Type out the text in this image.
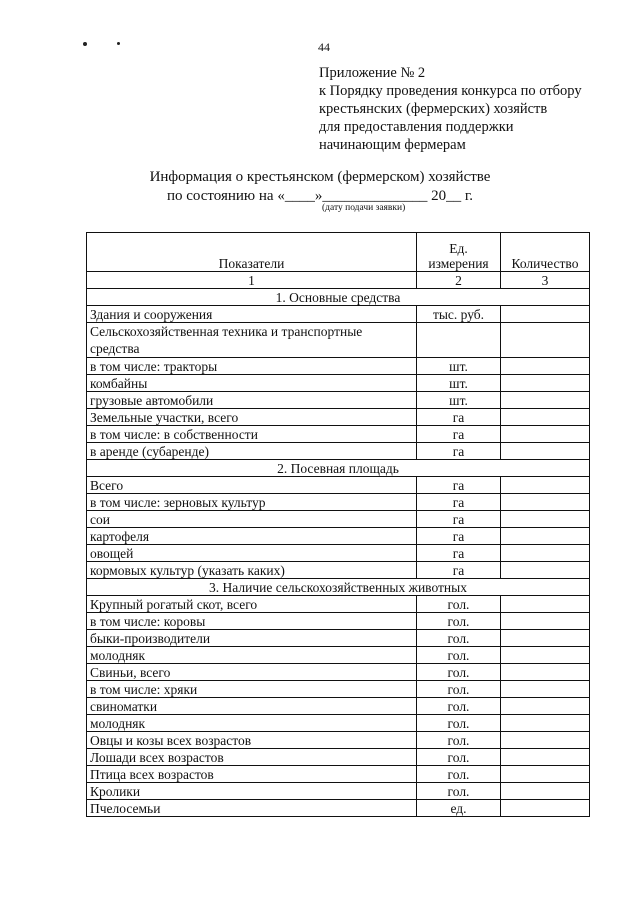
44
Приложение № 2
к Порядку проведения конкурса по отбору
крестьянских (фермерских) хозяйств
для предоставления поддержки
начинающим фермерам
Информация о крестьянском (фермерском) хозяйстве
по состоянию на «____»______________ 20__ г.
(дату подачи заявки)
Показатели	Ед. измерения	Количество
1	2	3
1. Основные средства		
Здания и сооружения	тыс. руб.	

Сельскохозяйственная техника и транспортные
средства		

в том числе: тракторы	шт.	
комбайны	шт.	
грузовые автомобили	шт.	
Земельные участки, всего	га	
в том числе: в собственности	га	
в аренде (субаренде)	га	
2. Посевная площадь		
Всего	га	
в том числе: зерновых культур	га	
сои	га	
картофеля	га	
овощей	га	
кормовых культур (указать каких)	га	
3. Наличие сельскохозяйственных животных		
Крупный рогатый скот, всего	гол.	
в том числе: коровы	гол.	
быки-производители	гол.	
молодняк	гол.	
Свиньи, всего	гол.	
в том числе: хряки	гол.	
свиноматки	гол.	
молодняк	гол.	
Овцы и козы всех возрастов	гол.	
Лошади всех возрастов	гол.	
Птица всех возрастов	гол.	
Кролики	гол.	
Пчелосемьи	ед.	
